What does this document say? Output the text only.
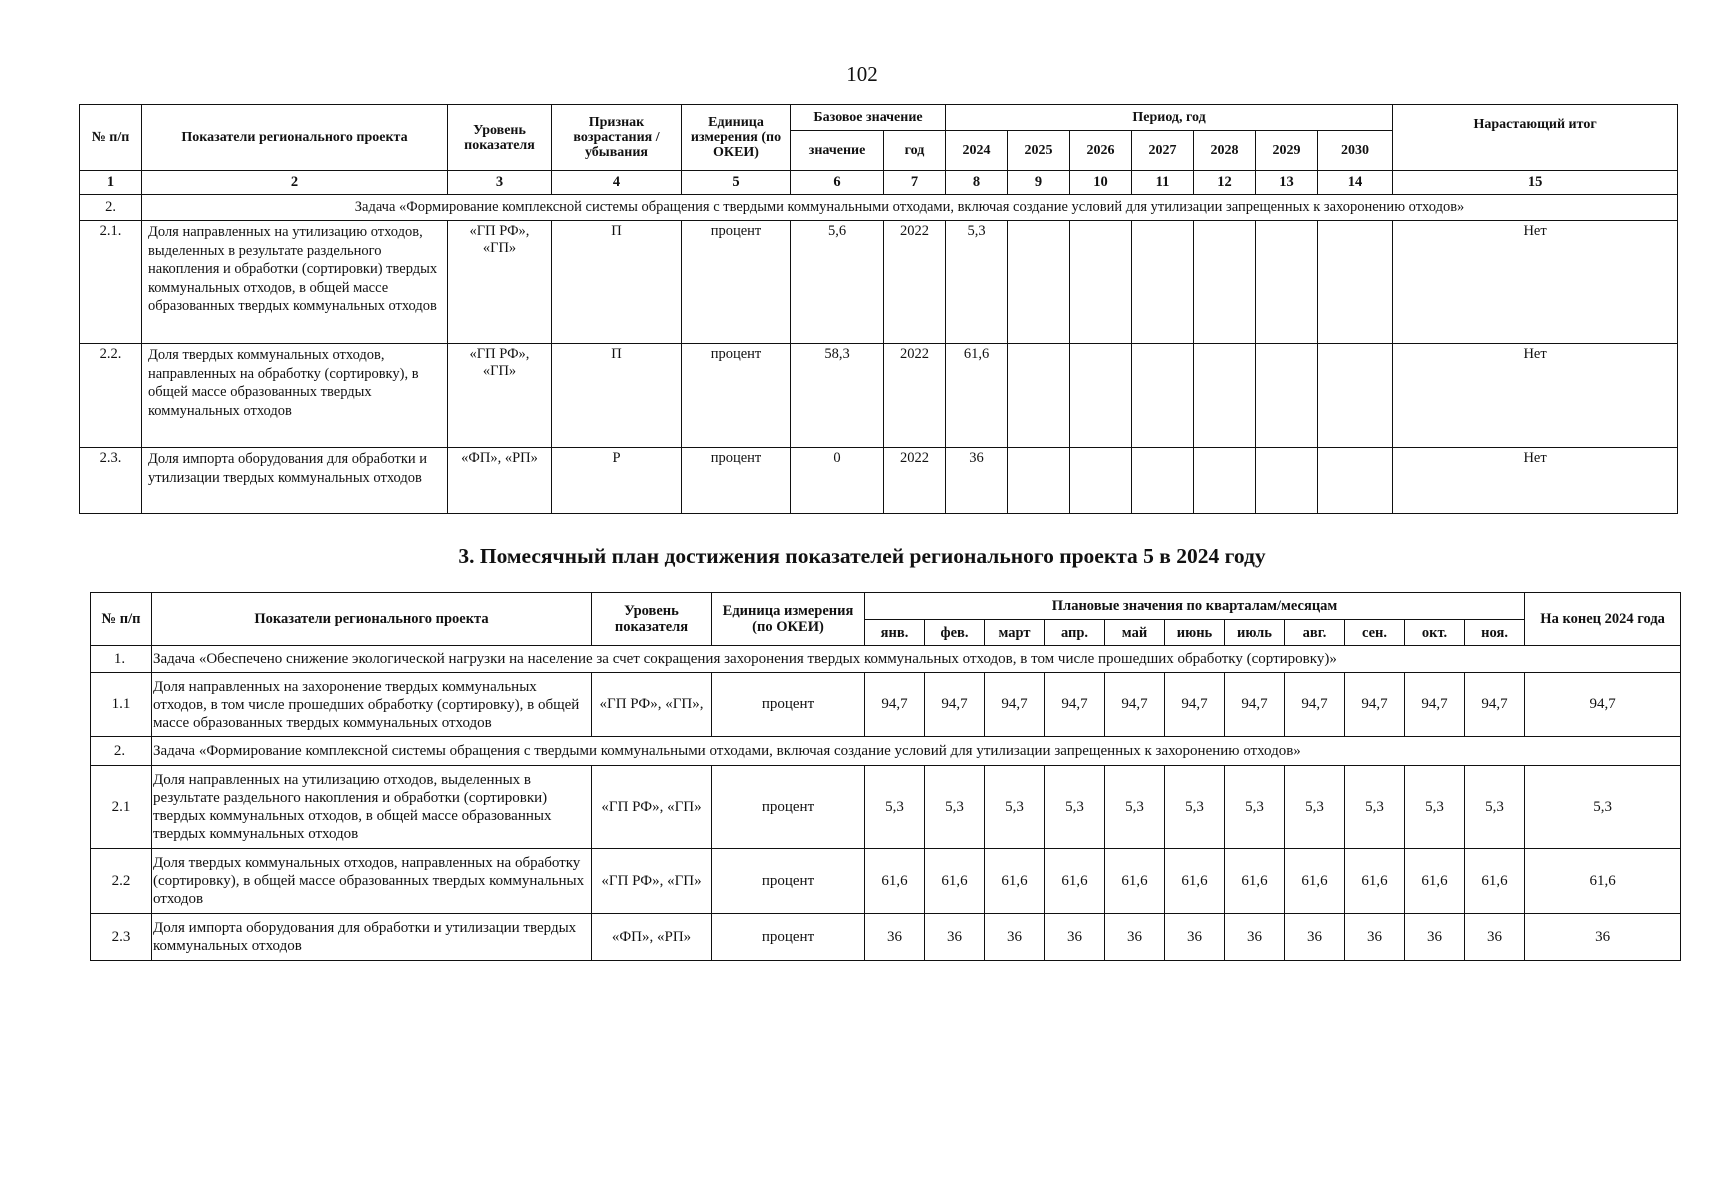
102
№ п/п	Показатели регионального проекта	Уровень показателя	Признак возрастания / убывания	Единица измерения (по ОКЕИ)	Базовое значение		Период, год							Нарастающий итог
					значение	год	2024	2025	2026	2027	2028	2029	2030	
1	2	3	4	5	6	7	8	9	10	11	12	13	14	15
2.	Задача «Формирование комплексной системы обращения с твердыми коммунальными отходами, включая создание условий для утилизации запрещенных к захоронению отходов»													
2.1.	Доля направленных на утилизацию отходов, выделенных в результате раздельного накопления и обработки (сортировки) твердых коммунальных отходов, в общей массе образованных твердых коммунальных отходов	«ГП РФ», «ГП»	П	процент	5,6	2022	5,3							Нет
2.2.	Доля твердых коммунальных отходов, направленных на обработку (сортировку), в общей массе образованных твердых коммунальных отходов	«ГП РФ», «ГП»	П	процент	58,3	2022	61,6							Нет
2.3.	Доля импорта оборудования для обработки и утилизации твердых коммунальных отходов	«ФП», «РП»	Р	процент	0	2022	36							Нет
3. Помесячный план достижения показателей регионального проекта 5 в 2024 году
№ п/п	Показатели регионального проекта	Уровень показателя	Единица измерения (по ОКЕИ)	Плановые значения по кварталам/месяцам											На конец 2024 года
				янв.	фев.	март	апр.	май	июнь	июль	авг.	сен.	окт.	ноя.	
1.	Задача «Обеспечено снижение экологической нагрузки на население за счет сокращения захоронения твердых коммунальных отходов, в том числе прошедших обработку (сортировку)»														
1.1	Доля направленных на захоронение твердых коммунальных отходов, в том числе прошедших обработку (сортировку), в общей массе образованных твердых коммунальных отходов	«ГП РФ», «ГП»,	процент	94,7	94,7	94,7	94,7	94,7	94,7	94,7	94,7	94,7	94,7	94,7	94,7
2.	Задача «Формирование комплексной системы обращения с твердыми коммунальными отходами, включая создание условий для утилизации запрещенных к захоронению отходов»														
2.1	Доля направленных на утилизацию отходов, выделенных в результате раздельного накопления и обработки (сортировки) твердых коммунальных отходов, в общей массе образованных твердых коммунальных отходов	«ГП РФ», «ГП»	процент	5,3	5,3	5,3	5,3	5,3	5,3	5,3	5,3	5,3	5,3	5,3	5,3
2.2	Доля твердых коммунальных отходов, направленных на обработку (сортировку), в общей массе образованных твердых коммунальных отходов	«ГП РФ», «ГП»	процент	61,6	61,6	61,6	61,6	61,6	61,6	61,6	61,6	61,6	61,6	61,6	61,6
2.3	Доля импорта оборудования для обработки и утилизации твердых коммунальных отходов	«ФП», «РП»	процент	36	36	36	36	36	36	36	36	36	36	36	36
